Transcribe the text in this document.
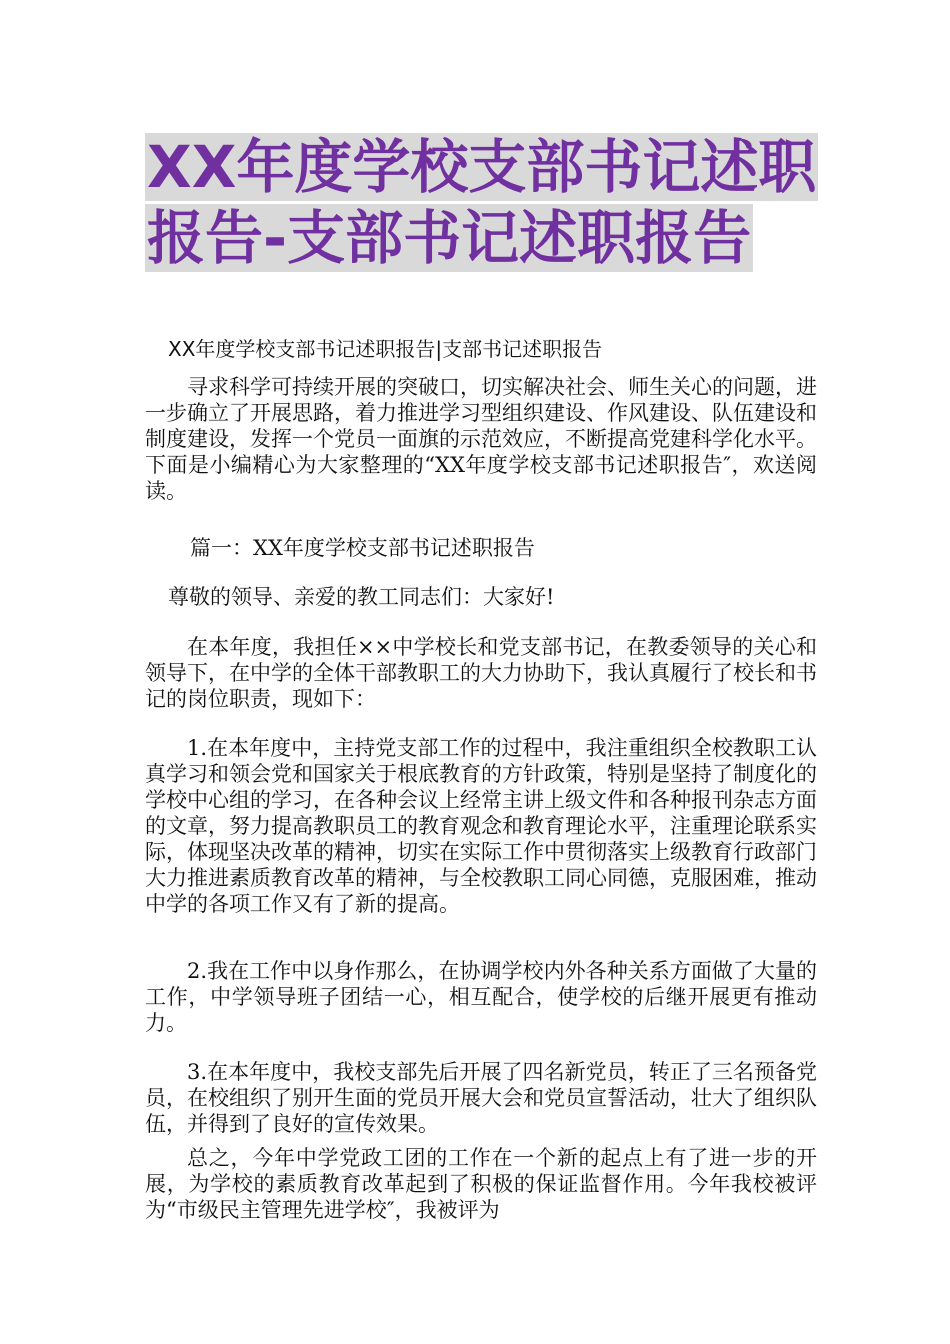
XX年度学校支部书记述职
报告-支部书记述职报告
XX年度学校支部书记述职报告|支部书记述职报告
寻求科学可持续开展的突破口，切实解决社会、师生关心的问题，进一步确立了开展思路，着力推进学习型组织建设、作风建设、队伍建设和制度建设，发挥一个党员一面旗的示范效应，不断提高党建科学化水平。下面是小编精心为大家整理的“XX年度学校支部书记述职报告″，欢送阅读。
篇一：XX年度学校支部书记述职报告
尊敬的领导、亲爱的教工同志们：大家好!
在本年度，我担任××中学校长和党支部书记，在教委领导的关心和领导下，在中学的全体干部教职工的大力协助下，我认真履行了校长和书记的岗位职责，现如下：
1.在本年度中，主持党支部工作的过程中，我注重组织全校教职工认真学习和领会党和国家关于根底教育的方针政策，特别是坚持了制度化的学校中心组的学习，在各种会议上经常主讲上级文件和各种报刊杂志方面的文章，努力提高教职员工的教育观念和教育理论水平，注重理论联系实际，体现坚决改革的精神，切实在实际工作中贯彻落实上级教育行政部门大力推进素质教育改革的精神，与全校教职工同心同德，克服困难，推动中学的各项工作又有了新的提高。
2.我在工作中以身作那么，在协调学校内外各种关系方面做了大量的工作，中学领导班子团结一心，相互配合，使学校的后继开展更有推动力。
3.在本年度中，我校支部先后开展了四名新党员，转正了三名预备党员，在校组织了别开生面的党员开展大会和党员宣誓活动，壮大了组织队伍，并得到了良好的宣传效果。
总之，今年中学党政工团的工作在一个新的起点上有了进一步的开展，为学校的素质教育改革起到了积极的保证监督作用。今年我校被评为“市级民主管理先进学校″，我被评为
